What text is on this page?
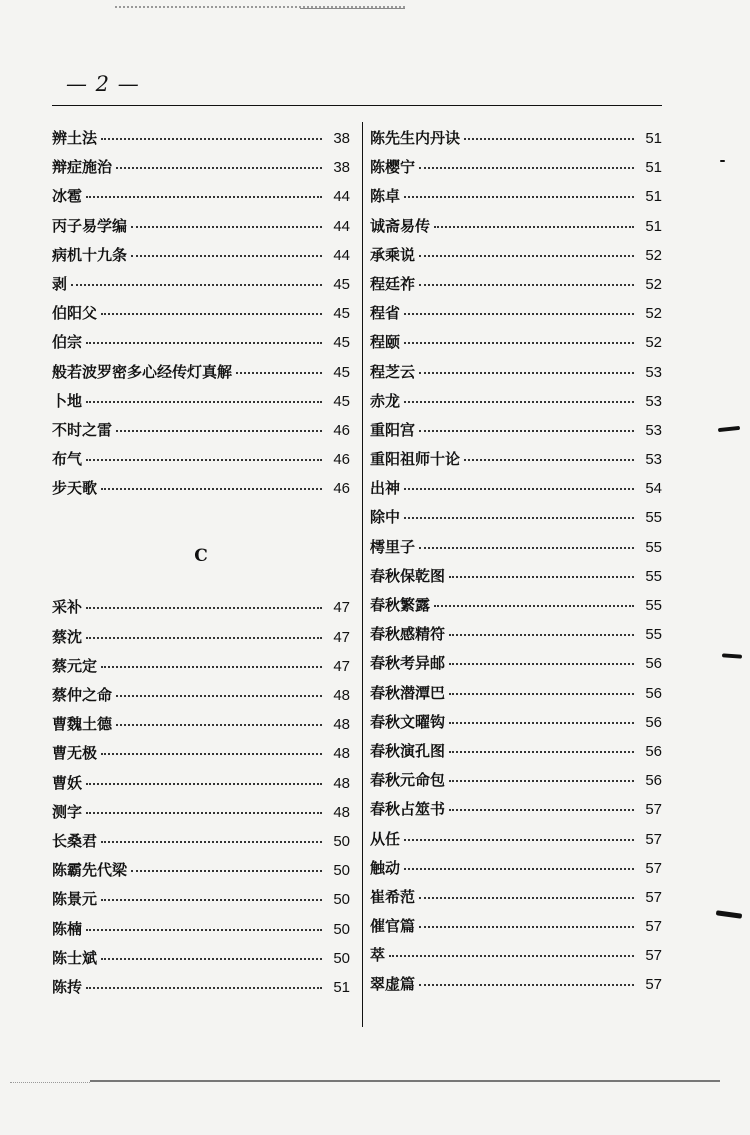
— 2 —
辨土法	38
辩症施治	38
冰雹	44
丙子易学编	44
病机十九条	44
剥	45
伯阳父	45
伯宗	45
般若波罗密多心经传灯真解	45
卜地	45
不时之雷	46
布气	46
步天歌	46
C
采补	47
蔡沈	47
蔡元定	47
蔡仲之命	48
曹魏土德	48
曹无极	48
曹妖	48
测字	48
长桑君	50
陈霸先代梁	50
陈景元	50
陈楠	50
陈士斌	50
陈抟	51
陈先生内丹诀	51
陈樱宁	51
陈卓	51
诚斋易传	51
承乘说	52
程廷祚	52
程省	52
程颐	52
程芝云	53
赤龙	53
重阳宫	53
重阳祖师十论	53
出神	54
除中	55
樗里子	55
春秋保乾图	55
春秋繁露	55
春秋感精符	55
春秋考异邮	56
春秋潜潭巴	56
春秋文曜钩	56
春秋演孔图	56
春秋元命包	56
春秋占筮书	57
从任	57
触动	57
崔希范	57
催官篇	57
萃	57
翠虚篇	57
